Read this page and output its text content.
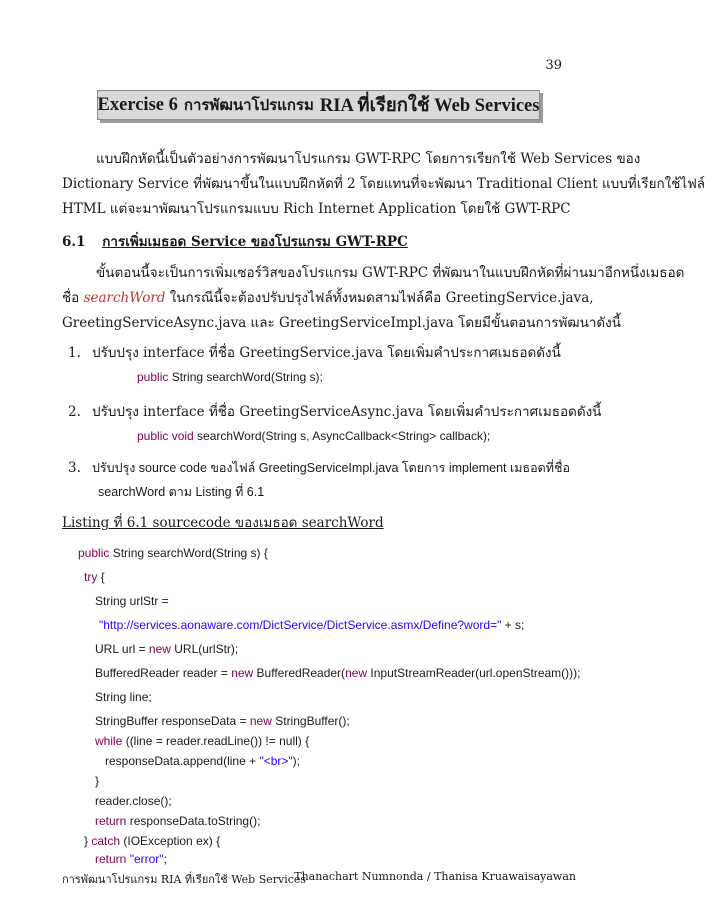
39
Exercise 6 การพัฒนาโปรแกรม RIA ที่เรียกใช้ Web Services
แบบฝึกหัดนี้เป็นตัวอย่างการพัฒนาโปรแกรม GWT-RPC โดยการเรียกใช้ Web Services ของ
Dictionary Service ที่พัฒนาขึ้นในแบบฝึกหัดที่ 2 โดยแทนที่จะพัฒนา Traditional Client แบบที่เรียกใช้ไฟล์
HTML แต่จะมาพัฒนาโปรแกรมแบบ Rich Internet Application โดยใช้ GWT-RPC
6.1 การเพิ่มเมธอด Service ของโปรแกรม GWT-RPC
ขั้นตอนนี้จะเป็นการเพิ่มเซอร์วิสของโปรแกรม GWT-RPC ที่พัฒนาในแบบฝึกหัดที่ผ่านมาอีกหนึ่งเมธอด
ชื่อ searchWord ในกรณีนี้จะต้องปรับปรุงไฟล์ทั้งหมดสามไฟล์คือ GreetingService.java,
GreetingServiceAsync.java และ GreetingServiceImpl.java โดยมีขั้นตอนการพัฒนาดังนี้
1. ปรับปรุง interface ที่ชื่อ GreetingService.java โดยเพิ่มคำประกาศเมธอดดังนี้
public String searchWord(String s);
2. ปรับปรุง interface ที่ชื่อ GreetingServiceAsync.java โดยเพิ่มคำประกาศเมธอดดังนี้
public void searchWord(String s, AsyncCallback<String> callback);
3. ปรับปรุง source code ของไฟล์ GreetingServiceImpl.java โดยการ implement เมธอดที่ชื่อ
searchWord ตาม Listing ที่ 6.1
Listing ที่ 6.1 sourcecode ของเมธอด searchWord
public String searchWord(String s) {
try {
String urlStr =
"http://services.aonaware.com/DictService/DictService.asmx/Define?word=" + s;
URL url = new URL(urlStr);
BufferedReader reader = new BufferedReader(new InputStreamReader(url.openStream()));
String line;
StringBuffer responseData = new StringBuffer();
while ((line = reader.readLine()) != null) {
responseData.append(line + "<br>");
}
reader.close();
return responseData.toString();
} catch (IOException ex) {
return "error";
การพัฒนาโปรแกรม RIA ที่เรียกใช้ Web Services
Thanachart Numnonda / Thanisa Kruawaisayawan
